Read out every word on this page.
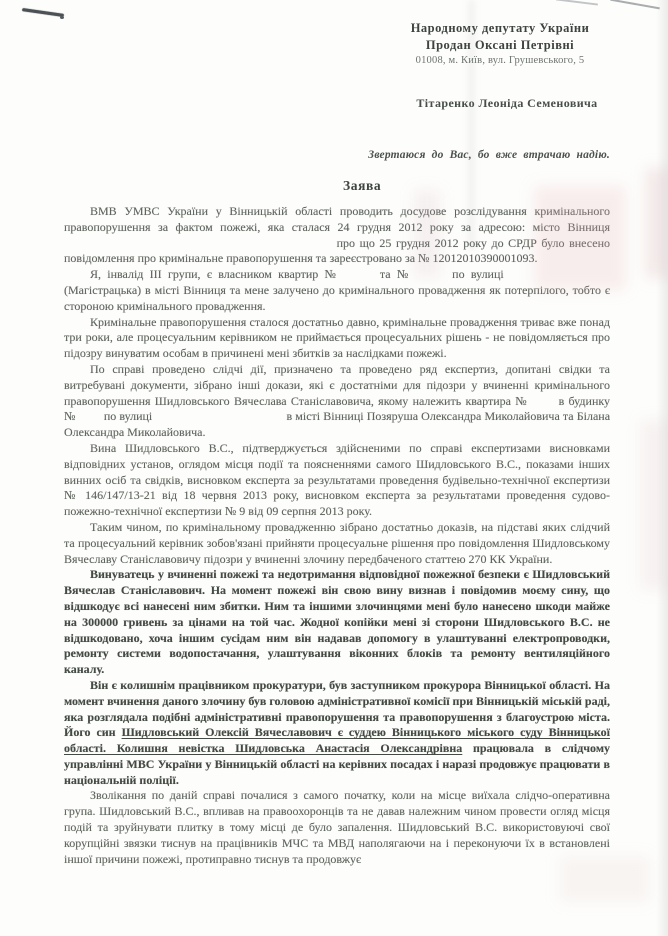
Народному депутату України
Продан Оксані Петрівні
01008, м. Київ, вул. Грушевського, 5
Тітаренко Леоніда Семеновича
Звертаюся до Вас, бо вже втрачаю надію.
Заява

ВМВ УМВС України у Вінницькій області проводить досудове розслідування кримінального правопорушення за фактом пожежі, яка сталася 24 грудня 2012 року за адресою: місто Вінниця  про що 25 грудня 2012 року до СРДР було внесено повідомлення про кримінальне правопорушення та зареєстровано за № 12012010390001093.

Я, інвалід ІІІ групи, є власником квартир №	та №	по вулиці  (Магістрацька) в місті Вінниця та мене залучено до кримінального провадження як потерпілого, тобто є стороною кримінального провадження.

Кримінальне правопорушення сталося достатньо давно, кримінальне провадження триває вже понад три роки, але процесуальним керівником не приймається процесуальних рішень - не повідомляється про підозру винуватим особам в причинені мені збитків за наслідками пожежі.

По справі проведено слідчі дії, призначено та проведено ряд експертиз, допитані свідки та витребувані документи, зібрано інші докази, які є достатніми для підозри у вчиненні кримінального правопорушення Шидловського Вячеслава Станіславовича, якому належить квартира №	в будинку № по вулиці	в місті Вінниці Позяруша Олександра Миколайовича та Білана Олександра Миколайовича.

Вина Шидловського В.С., підтверджується здійсненими по справі експертизами висновками відповідних установ, оглядом місця події та поясненнями самого Шидловського В.С., показами інших винних осіб та свідків, висновком експерта за результатами проведення будівельно-технічної експертизи № 146/147/13-21 від 18 червня 2013 року, висновком експерта за результатами проведення судово-пожежно-технічної експертизи № 9 від 09 серпня 2013 року.

Таким чином, по кримінальному провадженню зібрано достатньо доказів, на підставі яких слідчий та процесуальний керівник зобов'язані прийняти процесуальне рішення про повідомлення Шидловському Вячеславу Станіславовичу підозри у вчиненні злочину передбаченого статтею 270 КК України.

Винуватець у вчиненні пожежі та недотримання відповідної пожежної безпеки є Шидловський Вячеслав Станіславович. На момент пожежі він свою вину визнав і повідомив моєму сину, що відшкодує всі нанесені ним збитки. Ним та іншими злочинцями мені було нанесено шкоди майже на 300000 гривень за цінами на той час. Жодної копійки мені зі сторони Шидловського В.С. не відшкодовано, хоча іншим сусідам ним він надавав допомогу в улаштуванні електропроводки, ремонту системи водопостачання, улаштування віконних блоків та ремонту вентиляційного каналу.

Він є колишнім працівником прокуратури, був заступником прокурора Вінницької області. На момент вчинення даного злочину був головою адміністративної комісії при Вінницькій міській раді, яка розглядала подібні адміністративні правопорушення та правопорушення з благоустрою міста. Його син Шидловський Олексій Вячеславович є суддею Вінницького міського суду Вінницької області. Колишня невістка Шидловська Анастасія Олександрівна працювала в слідчому управлінні МВС України у Вінницькій області на керівних посадах і наразі продовжує працювати в національній поліції.

Зволікання по даній справі почалися з самого початку, коли на місце виїхала слідчо-оперативна група. Шидловський В.С., впливав на правоохоронців та не давав належним чином провести огляд місця подій та зруйнувати плитку в тому місці де було запалення. Шидловський В.С. використовуючі свої корупційні звязки тиснув на працівників МЧС та МВД наполягаючи на і переконуючи їх в встановлені іншої причини пожежі, протиправно тиснув та продовжує
